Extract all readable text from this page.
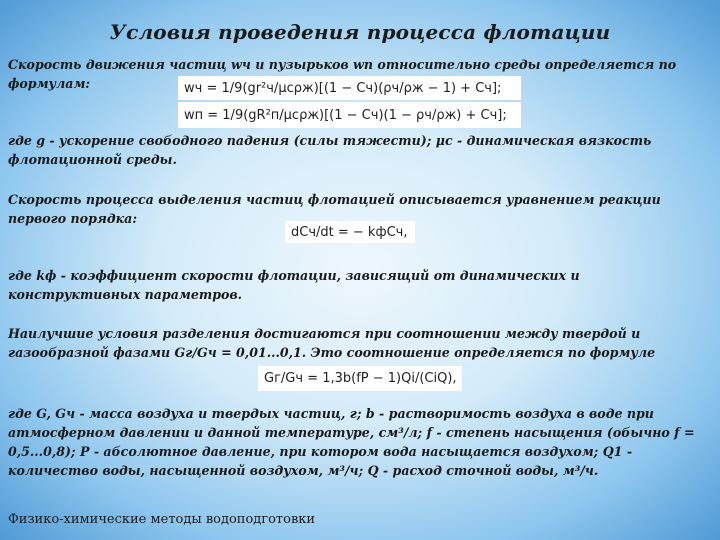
Условия проведения процесса флотации
Скорость движения частиц wч и пузырьков wп относительно среды определяется по формулам:	wч = 1/9(gr²ч/μсρж)[(1 − Сч)(ρч/ρж − 1) + Сч];
wп = 1/9(gR²п/μсρж)[(1 − Сч)(1 − ρч/ρж) + Сч];
где g - ускорение свободного падения (силы тяжести); μс - динамическая вязкость флотационной среды.
Скорость процесса выделения частиц флотацией описывается уравнением реакции первого порядка:
dCч/dt = − kфCч,
где kф - коэффициент скорости флотации, зависящий от динамических и конструктивных параметров.
Наилучшие условия разделения достигаются при соотношении между твердой и газообразной фазами Gг/Gч = 0,01...0,1. Это соотношение определяется по формуле
Gг/Gч = 1,3b(fP − 1)Qi/(CiQ),
где G, Gч - масса воздуха и твердых частиц, г; b - растворимость воздуха в воде при атмосферном давлении и данной температуре, см³/л; f - степень насыщения (обычно f = 0,5...0,8); P - абсолютное давление, при котором вода насыщается воздухом; Q1 - количество воды, насыщенной воздухом, м³/ч; Q - расход сточной воды, м³/ч.
Физико-химические методы водоподготовки
